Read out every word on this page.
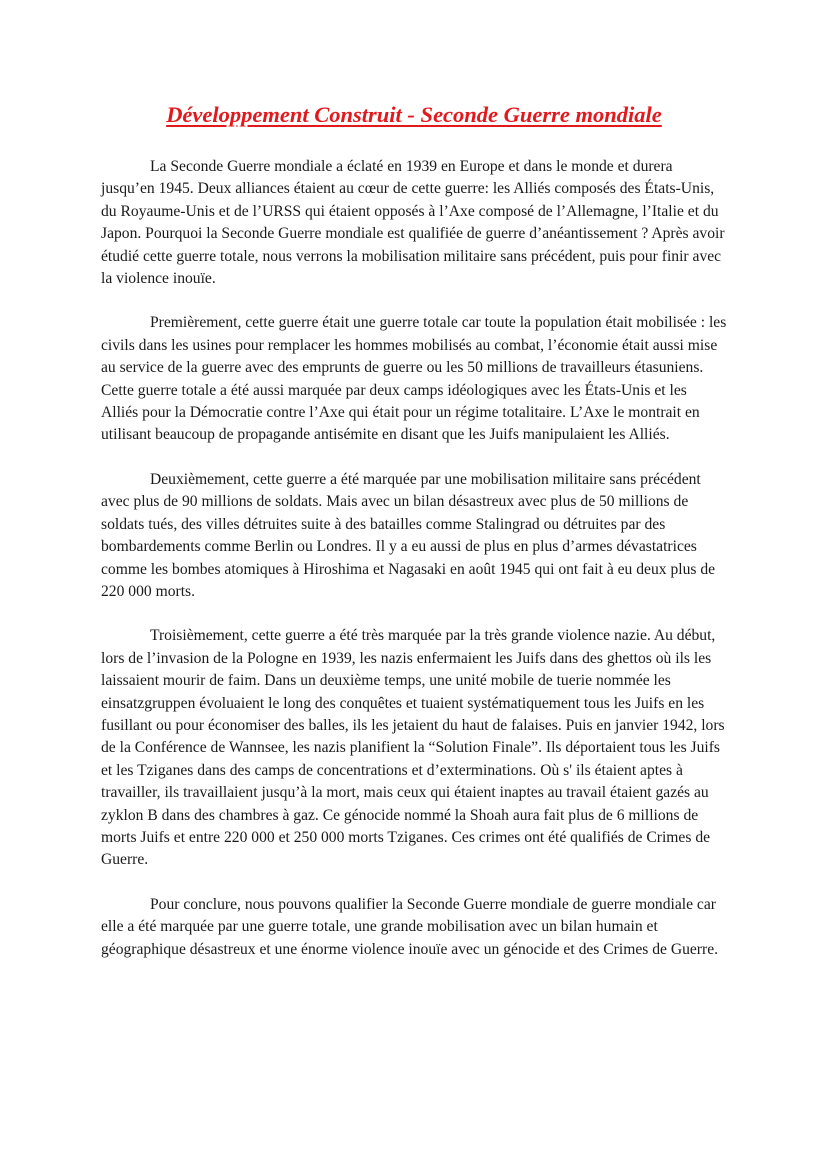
Développement Construit - Seconde Guerre mondiale

La Seconde Guerre mondiale a éclaté en 1939 en Europe et dans le monde et durera jusqu’en 1945. Deux alliances étaient au cœur de cette guerre: les Alliés composés des États-Unis, du Royaume-Unis et de l’URSS qui étaient opposés à l’Axe composé de l’Allemagne, l’Italie et du Japon. Pourquoi la Seconde Guerre mondiale est qualifiée de guerre d’anéantissement ? Après avoir étudié cette guerre totale, nous verrons la mobilisation militaire sans précédent, puis pour finir avec la violence inouïe.

Premièrement, cette guerre était une guerre totale car toute la population était mobilisée : les civils dans les usines pour remplacer les hommes mobilisés au combat, l’économie était aussi mise au service de la guerre avec des emprunts de guerre ou les 50 millions de travailleurs étasuniens. Cette guerre totale a été aussi marquée par deux camps idéologiques avec les États-Unis et les Alliés pour la Démocratie contre l’Axe qui était pour un régime totalitaire. L’Axe le montrait en utilisant beaucoup de propagande antisémite en disant que les Juifs manipulaient les Alliés.

Deuxièmement, cette guerre a été marquée par une mobilisation militaire sans précédent avec plus de 90 millions de soldats. Mais avec un bilan désastreux avec plus de 50 millions de soldats tués, des villes détruites suite à des batailles comme Stalingrad ou détruites par des bombardements comme Berlin ou Londres. Il y a eu aussi de plus en plus d’armes dévastatrices comme les bombes atomiques à Hiroshima et Nagasaki en août 1945 qui ont fait à eu deux plus de 220 000 morts.

Troisièmement, cette guerre a été très marquée par la très grande violence nazie. Au début, lors de l’invasion de la Pologne en 1939, les nazis enfermaient les Juifs dans des ghettos où ils les laissaient mourir de faim. Dans un deuxième temps, une unité mobile de tuerie nommée les einsatzgruppen évoluaient le long des conquêtes et tuaient systématiquement tous les Juifs en les fusillant ou pour économiser des balles, ils les jetaient du haut de falaises. Puis en janvier 1942, lors de la Conférence de Wannsee, les nazis planifient la “Solution Finale”. Ils déportaient tous les Juifs et les Tziganes dans des camps de concentrations et d’exterminations. Où s' ils étaient aptes à travailler, ils travaillaient jusqu’à la mort, mais ceux qui étaient inaptes au travail étaient gazés au zyklon B dans des chambres à gaz. Ce génocide nommé la Shoah aura fait plus de 6 millions de morts Juifs et entre 220 000 et 250 000 morts Tziganes. Ces crimes ont été qualifiés de Crimes de Guerre.

Pour conclure, nous pouvons qualifier la Seconde Guerre mondiale de guerre mondiale car elle a été marquée par une guerre totale, une grande mobilisation avec un bilan humain et géographique désastreux et une énorme violence inouïe avec un génocide et des Crimes de Guerre.
